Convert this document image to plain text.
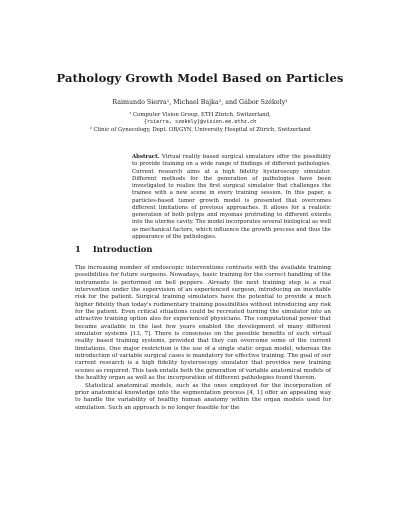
Pathology Growth Model Based on Particles
Raimundo Sierra¹, Michael Bajka², and Gábor Székely¹
¹ Computer Vision Group, ETH Zürich, Switzerland,
{rsierra, szekely}@vision.ee.ethz.ch
² Clinic of Gynecology, Dept. OB/GYN, University Hospital of Zürich, Switzerland
Abstract. Virtual reality based surgical simulators offer the possibility to provide training on a wide range of findings of different pathologies. Current research aims at a high fidelity hysteroscopy simulator. Different methods for the generation of pathologies have been investigated to realize the first surgical simulator that challenges the trainee with a new scene in every training session. In this paper, a particles-based tumor growth model is presented that overcomes different limitations of previous approaches. It allows for a realistic generation of both polyps and myomas protruding to different extents into the uterine cavity. The model incorporates several biological as well as mechanical factors, which influence the growth process and thus the appearance of the pathologies.
1 Introduction

The increasing number of endoscopic interventions contrasts with the available training possibilities for future surgeons. Nowadays, basic training for the correct handling of the instruments is performed on bell peppers. Already the next training step is a real intervention under the supervision of an experienced surgeon, introducing an inevitable risk for the patient. Surgical training simulators have the potential to provide a much higher fidelity than today's rudimentary training possibilities without introducing any risk for the patient. Even critical situations could be recreated turning the simulator into an attractive training option also for experienced physicians. The computational power that became available in the last few years enabled the development of many different simulator systems [13, 7]. There is consensus on the possible benefits of such virtual reality based training systems, provided that they can overcome some of the current limitations. One major restriction is the use of a single static organ model, whereas the introduction of variable surgical cases is mandatory for effective training. The goal of our current research is a high fidelity hysteroscopy simulator that provides new training scenes as required. This task entails both the generation of variable anatomical models of the healthy organ as well as the incorporation of different pathologies found therein.

Statistical anatomical models, such as the ones employed for the incorporation of prior anatomical knowledge into the segmentation process [4, 1] offer an appealing way to handle the variability of healthy human anatomy within the organ models used for simulation. Such an approach is no longer feasible for the
